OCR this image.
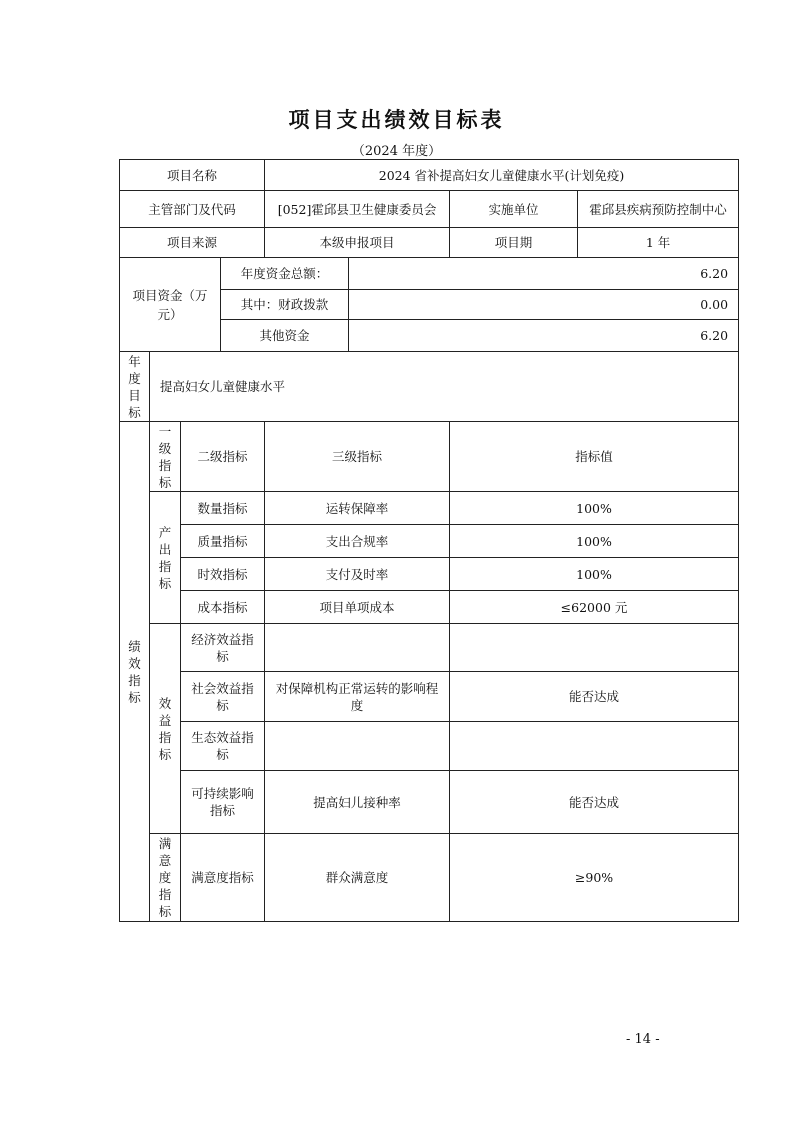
项目支出绩效目标表
（2024 年度）
项目名称				2024 省补提高妇女儿童健康水平(计划免疫)			
主管部门及代码				[052]霍邱县卫生健康委员会		实施单位	霍邱县疾病预防控制中心
项目来源				本级申报项目		项目期	1 年

项目资金（万元）			年度资金总额：		6.20		
			其中：财政拨款		0.00		
			其他资金		6.20		

年度目标	提高妇女儿童健康水平						

绩效指标	一级指标	二级指标		三级指标		指标值	

	产出指标	数量指标		运转保障率		100%	
		质量指标		支出合规率		100%	
		时效指标		支付及时率		100%	
		成本指标		项目单项成本		≤62000 元	

	效益指标	经济效益指标					

		社会效益指标		对保障机构正常运转的影响程度		能否达成	

		生态效益指标					

		可持续影响指标		提高妇儿接种率		能否达成	

	满意度指标	满意度指标		群众满意度		≥90%	
- 14 -
